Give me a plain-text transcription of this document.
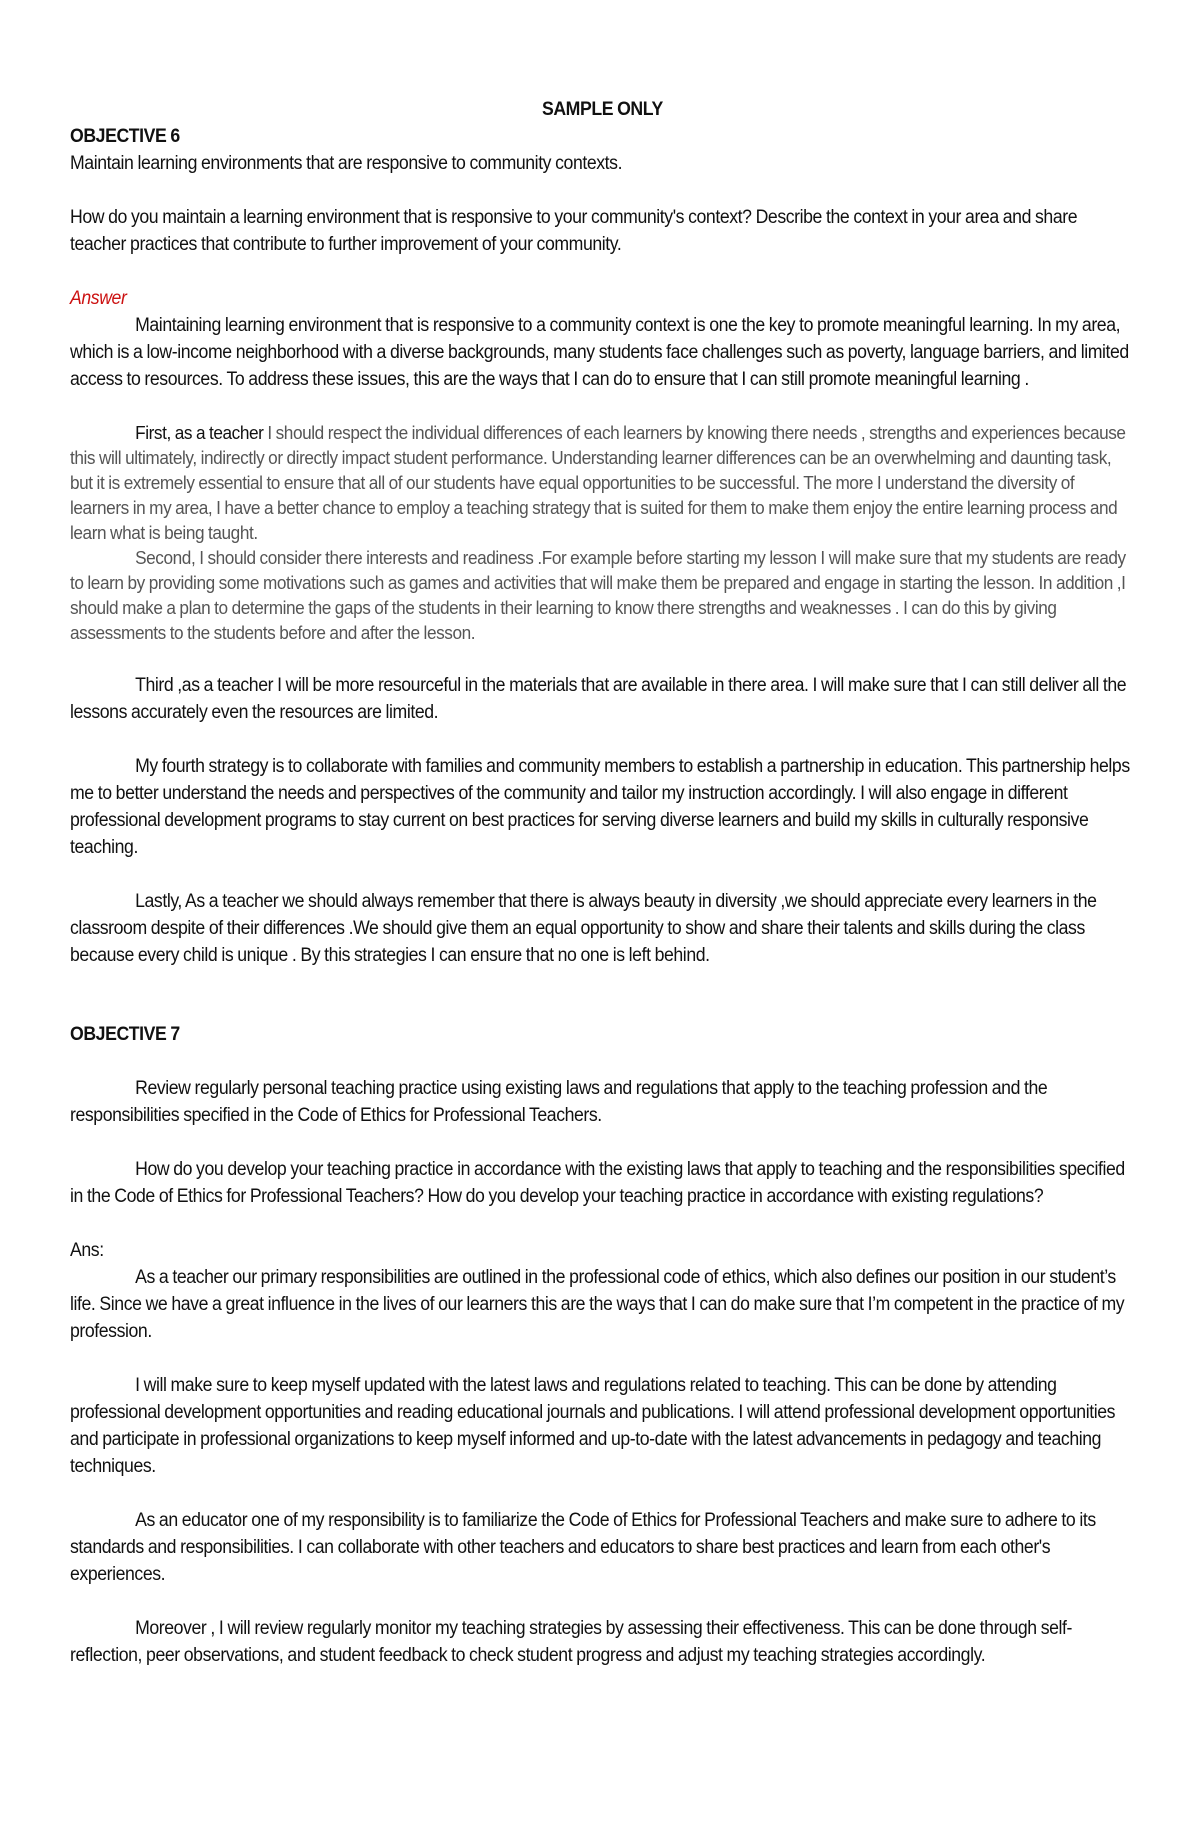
SAMPLE ONLY

OBJECTIVE 6

Maintain learning environments that are responsive to community contexts.

How do you maintain a learning environment that is responsive to your community's context? Describe the context in your area and share teacher practices that contribute to further improvement of your community.

Answer

Maintaining learning environment that is responsive to a community context is one the key to promote meaningful learning. In my area, which is a low-income neighborhood with a diverse backgrounds, many students face challenges such as poverty, language barriers, and limited access to resources. To address these issues, this are the ways that I can do to ensure that I can still promote meaningful learning .

First, as a teacher I should respect the individual differences of each learners by knowing there needs , strengths and experiences because this will ultimately, indirectly or directly impact student performance. Understanding learner differences can be an overwhelming and daunting task, but it is extremely essential to ensure that all of our students have equal opportunities to be successful. The more I understand the diversity of learners in my area, I have a better chance to employ a teaching strategy that is suited for them to make them enjoy the entire learning process and learn what is being taught.

Second, I should consider there interests and readiness .For example before starting my lesson I will make sure that my students are ready to learn by providing some motivations such as games and activities that will make them be prepared and engage in starting the lesson. In addition ,I should make a plan to determine the gaps of the students in their learning to know there strengths and weaknesses . I can do this by giving assessments to the students before and after the lesson.

Third ,as a teacher I will be more resourceful in the materials that are available in there area. I will make sure that I can still deliver all the lessons accurately even the resources are limited.

My fourth strategy is to collaborate with families and community members to establish a partnership in education. This partnership helps me to better understand the needs and perspectives of the community and tailor my instruction accordingly. I will also engage in different professional development programs to stay current on best practices for serving diverse learners and build my skills in culturally responsive teaching.

Lastly, As a teacher we should always remember that there is always beauty in diversity ,we should appreciate every learners in the classroom despite of their differences .We should give them an equal opportunity to show and share their talents and skills during the class because every child is unique . By this strategies I can ensure that no one is left behind.

OBJECTIVE 7

Review regularly personal teaching practice using existing laws and regulations that apply to the teaching profession and the responsibilities specified in the Code of Ethics for Professional Teachers.

How do you develop your teaching practice in accordance with the existing laws that apply to teaching and the responsibilities specified in the Code of Ethics for Professional Teachers? How do you develop your teaching practice in accordance with existing regulations?

Ans:

As a teacher our primary responsibilities are outlined in the professional code of ethics, which also defines our position in our student’s life. Since we have a great influence in the lives of our learners this are the ways that I can do make sure that I’m competent in the practice of my profession.

I will make sure to keep myself updated with the latest laws and regulations related to teaching. This can be done by attending professional development opportunities and reading educational journals and publications. I will attend professional development opportunities and participate in professional organizations to keep myself informed and up-to-date with the latest advancements in pedagogy and teaching techniques.

As an educator one of my responsibility is to familiarize the Code of Ethics for Professional Teachers and make sure to adhere to its standards and responsibilities. I can collaborate with other teachers and educators to share best practices and learn from each other's experiences.

Moreover , I will review regularly monitor my teaching strategies by assessing their effectiveness. This can be done through self-reflection, peer observations, and student feedback to check student progress and adjust my teaching strategies accordingly.
